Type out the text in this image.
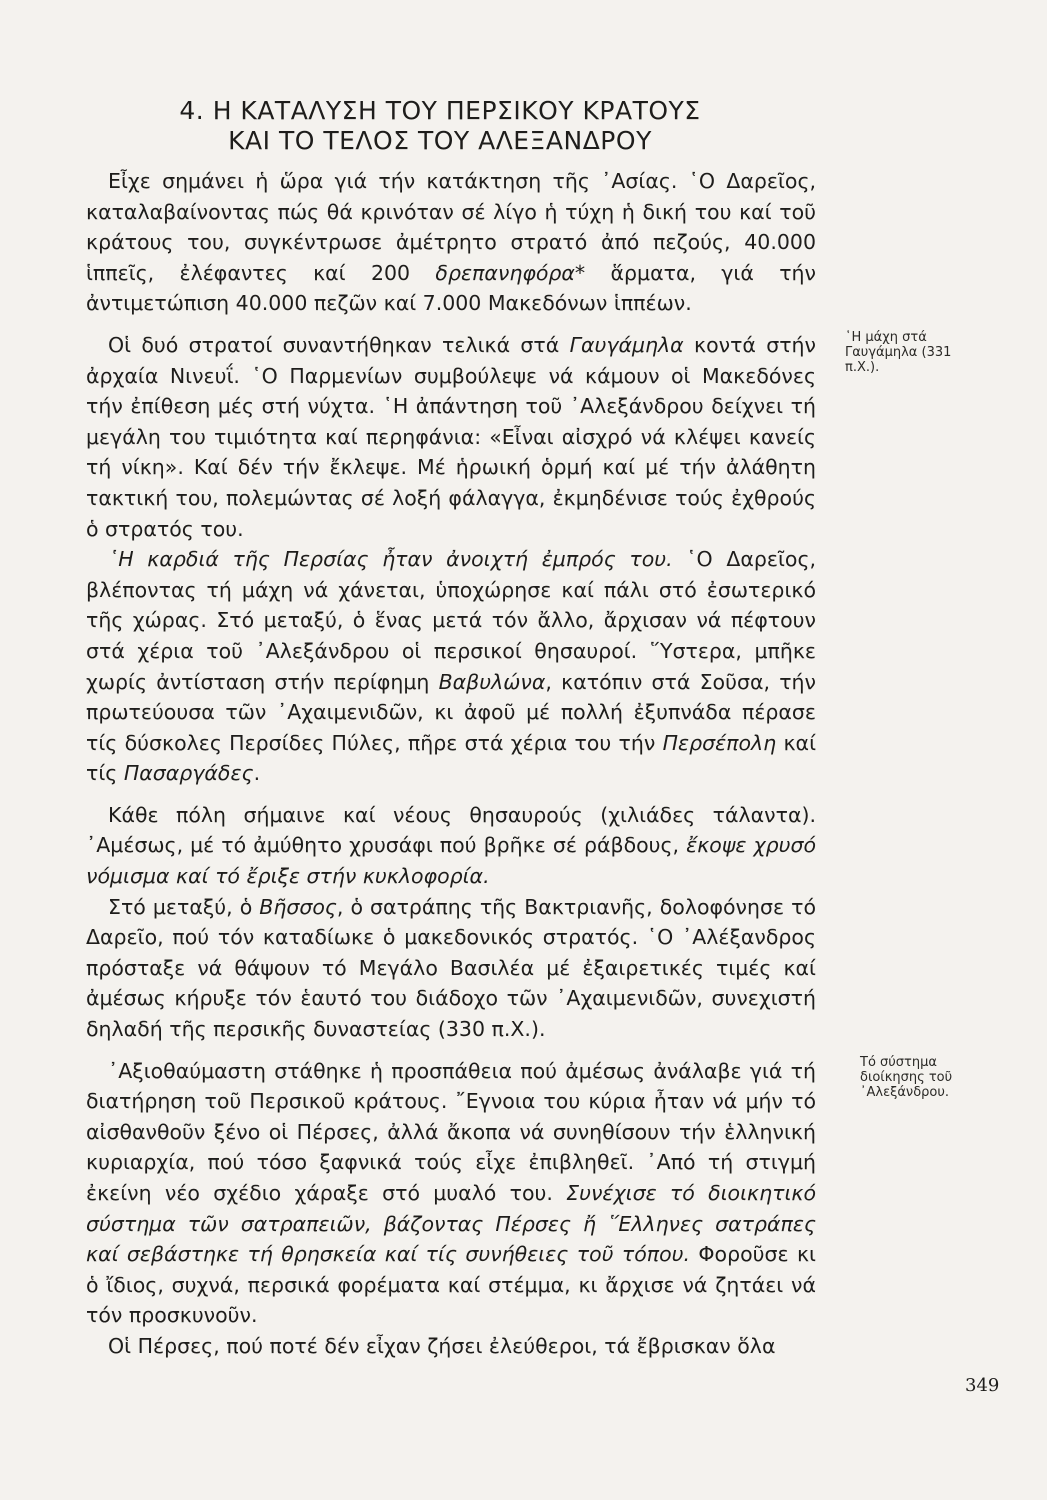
4. Η ΚΑΤΑΛΥΣΗ ΤΟΥ ΠΕΡΣΙΚΟΥ ΚΡΑΤΟΥΣ
ΚΑΙ ΤΟ ΤΕΛΟΣ ΤΟΥ ΑΛΕΞΑΝΔΡΟΥ

Εἶχε σημάνει ἡ ὥρα γιά τήν κατάκτηση τῆς ᾿Ασίας. ῾Ο Δαρεῖος, καταλαβαίνοντας πώς θά κρινόταν σέ λίγο ἡ τύχη ἡ δική του καί τοῦ κράτους του, συγκέντρωσε ἀμέτρητο στρατό ἀπό πεζούς, 40.000 ἱππεῖς, ἐλέφαντες καί 200 δρεπανηφόρα* ἅρματα, γιά τήν ἀντιμετώπιση 40.000 πεζῶν καί 7.000 Μακεδόνων ἱππέων.

Οἱ δυό στρατοί συναντήθηκαν τελικά στά Γαυγάμηλα κοντά στήν ἀρχαία Νινευΐ. ῾Ο Παρμενίων συμβούλεψε νά κάμουν οἱ Μακεδόνες τήν ἐπίθεση μές στή νύχτα. ῾Η ἀπάντηση τοῦ ᾿Αλεξάνδρου δείχνει τή μεγάλη του τιμιότητα καί περηφάνια: «Εἶναι αἰσχρό νά κλέψει κανείς τή νίκη». Καί δέν τήν ἔκλεψε. Μέ ἡρωική ὁρμή καί μέ τήν ἀλάθητη τακτική του, πολεμώντας σέ λοξή φάλαγγα, ἐκμηδένισε τούς ἐχθρούς ὁ στρατός του.

῾Η καρδιά τῆς Περσίας ἦταν ἀνοιχτή ἐμπρός του. ῾Ο Δαρεῖος, βλέποντας τή μάχη νά χάνεται, ὑποχώρησε καί πάλι στό ἐσωτερικό τῆς χώρας. Στό μεταξύ, ὁ ἕνας μετά τόν ἄλλο, ἄρχισαν νά πέφτουν στά χέρια τοῦ ᾿Αλεξάνδρου οἱ περσικοί θησαυροί. ῞Υστερα, μπῆκε χωρίς ἀντίσταση στήν περίφημη Βαβυλώνα, κατόπιν στά Σοῦσα, τήν πρωτεύουσα τῶν ᾿Αχαιμενιδῶν, κι ἀφοῦ μέ πολλή ἐξυπνάδα πέρασε τίς δύσκολες Περσίδες Πύλες, πῆρε στά χέρια του τήν Περσέπολη καί τίς Πασαργάδες.

Κάθε πόλη σήμαινε καί νέους θησαυρούς (χιλιάδες τάλαντα). ᾿Αμέσως, μέ τό ἀμύθητο χρυσάφι πού βρῆκε σέ ράβδους, ἔκοψε χρυσό νόμισμα καί τό ἔριξε στήν κυκλοφορία.

Στό μεταξύ, ὁ Βῆσσος, ὁ σατράπης τῆς Βακτριανῆς, δολοφόνησε τό Δαρεῖο, πού τόν καταδίωκε ὁ μακεδονικός στρατός. ῾Ο ᾿Αλέξανδρος πρόσταξε νά θάψουν τό Μεγάλο Βασιλέα μέ ἐξαιρετικές τιμές καί ἀμέσως κήρυξε τόν ἑαυτό του διάδοχο τῶν ᾿Αχαιμενιδῶν, συνεχιστή δηλαδή τῆς περσικῆς δυναστείας (330 π.Χ.).

᾿Αξιοθαύμαστη στάθηκε ἡ προσπάθεια πού ἀμέσως ἀνάλαβε γιά τή διατήρηση τοῦ Περσικοῦ κράτους. ῎Εγνοια του κύρια ἦταν νά μήν τό αἰσθανθοῦν ξένο οἱ Πέρσες, ἀλλά ἄκοπα νά συνηθίσουν τήν ἑλληνική κυριαρχία, πού τόσο ξαφνικά τούς εἶχε ἐπιβληθεῖ. ᾿Από τή στιγμή ἐκείνη νέο σχέδιο χάραξε στό μυαλό του. Συνέχισε τό διοικητικό σύστημα τῶν σατραπειῶν, βάζοντας Πέρσες ἤ ῞Ελληνες σατράπες καί σεβάστηκε τή θρησκεία καί τίς συνήθειες τοῦ τόπου. Φοροῦσε κι ὁ ἴδιος, συχνά, περσικά φορέματα καί στέμμα, κι ἄρχισε νά ζητάει νά τόν προσκυνοῦν.

Οἱ Πέρσες, πού ποτέ δέν εἶχαν ζήσει ἐλεύθεροι, τά ἔβρισκαν ὅλα

῾Η μάχη στά Γαυγάμηλα (331 π.Χ.).
Τό σύστημα διοίκησης τοῦ ᾿Αλεξάνδρου.
349
